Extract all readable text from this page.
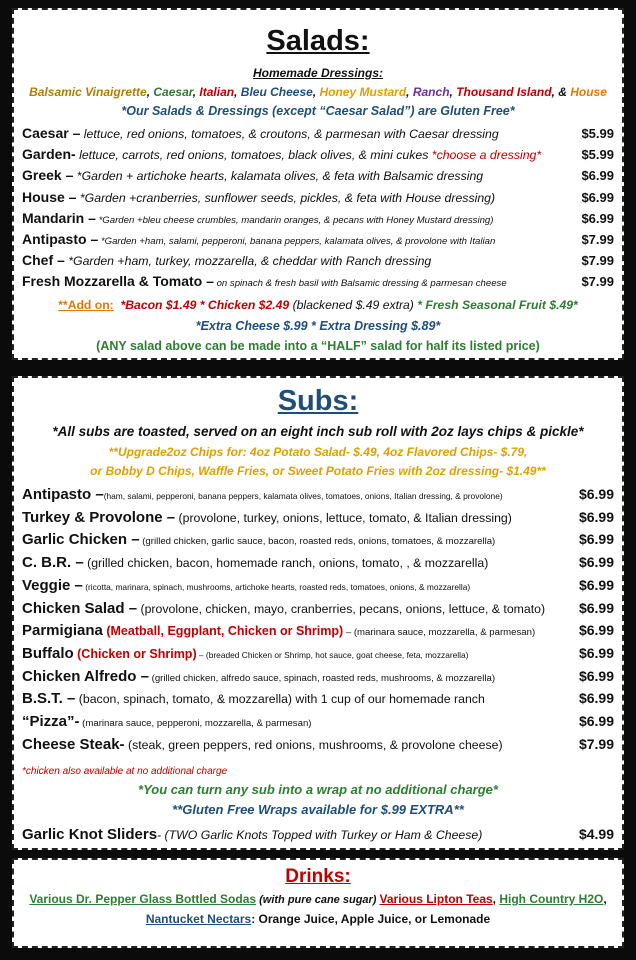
Salads:
Homemade Dressings:
Balsamic Vinaigrette, Caesar, Italian, Bleu Cheese, Honey Mustard, Ranch, Thousand Island, & House
*Our Salads & Dressings (except “Caesar Salad”) are Gluten Free*
Caesar – lettuce, red onions, tomatoes, & croutons, & parmesan with Caesar dressing	$5.99
Garden- lettuce, carrots, red onions, tomatoes, black olives, & mini cukes *choose a dressing*	$5.99
Greek – *Garden + artichoke hearts, kalamata olives, & feta with Balsamic dressing	$6.99
House – *Garden +cranberries, sunflower seeds, pickles, & feta with House dressing)	$6.99
Mandarin – *Garden +bleu cheese crumbles, mandarin oranges, & pecans with Honey Mustard dressing)	$6.99
Antipasto – *Garden +ham, salami, pepperoni, banana peppers, kalamata olives, & provolone with Italian	$7.99
Chef – *Garden +ham, turkey, mozzarella, & cheddar with Ranch dressing	$7.99
Fresh Mozzarella & Tomato – on spinach & fresh basil with Balsamic dressing & parmesan cheese	$7.99
**Add on: *Bacon $1.49 * Chicken $2.49 (blackened $.49 extra) * Fresh Seasonal Fruit $.49*
*Extra Cheese $.99 * Extra Dressing $.89*
(ANY salad above can be made into a “HALF” salad for half its listed price)
Subs:
*All subs are toasted, served on an eight inch sub roll with 2oz lays chips & pickle*
**Upgrade2oz Chips for: 4oz Potato Salad- $.49, 4oz Flavored Chips- $.79,
or Bobby D Chips, Waffle Fries, or Sweet Potato Fries with 2oz dressing- $1.49**
Antipasto –(ham, salami, pepperoni, banana peppers, kalamata olives, tomatoes, onions, Italian dressing, & provolone)	$6.99
Turkey & Provolone – (provolone, turkey, onions, lettuce, tomato, & Italian dressing)	$6.99
Garlic Chicken – (grilled chicken, garlic sauce, bacon, roasted reds, onions, tomatoes, & mozzarella)	$6.99
C. B.R. – (grilled chicken, bacon, homemade ranch, onions, tomato, , & mozzarella)	$6.99
Veggie – (ricotta, marinara, spinach, mushrooms, artichoke hearts, roasted reds, tomatoes, onions, & mozzarella)	$6.99
Chicken Salad – (provolone, chicken, mayo, cranberries, pecans, onions, lettuce, & tomato) $6.99
Parmigiana (Meatball, Eggplant, Chicken or Shrimp) – (marinara sauce, mozzarella, & parmesan)	$6.99
Buffalo (Chicken or Shrimp) – (breaded Chicken or Shrimp, hot sauce, goat cheese, feta, mozzarella)	$6.99
Chicken Alfredo – (grilled chicken, alfredo sauce, spinach, roasted reds, mushrooms, & mozzarella)	$6.99
B.S.T. – (bacon, spinach, tomato, & mozzarella) with 1 cup of our homemade ranch	$6.99
“Pizza”- (marinara sauce, pepperoni, mozzarella, & parmesan)	$6.99
Cheese Steak- (steak, green peppers, red onions, mushrooms, & provolone cheese)	$7.99
*chicken also available at no additional charge
*You can turn any sub into a wrap at no additional charge*
**Gluten Free Wraps available for $.99 EXTRA**
Garlic Knot Sliders- (TWO Garlic Knots Topped with Turkey or Ham & Cheese)	$4.99
Drinks:
Various Dr. Pepper Glass Bottled Sodas (with pure cane sugar) Various Lipton Teas, High Country H2O,
Nantucket Nectars: Orange Juice, Apple Juice, or Lemonade
